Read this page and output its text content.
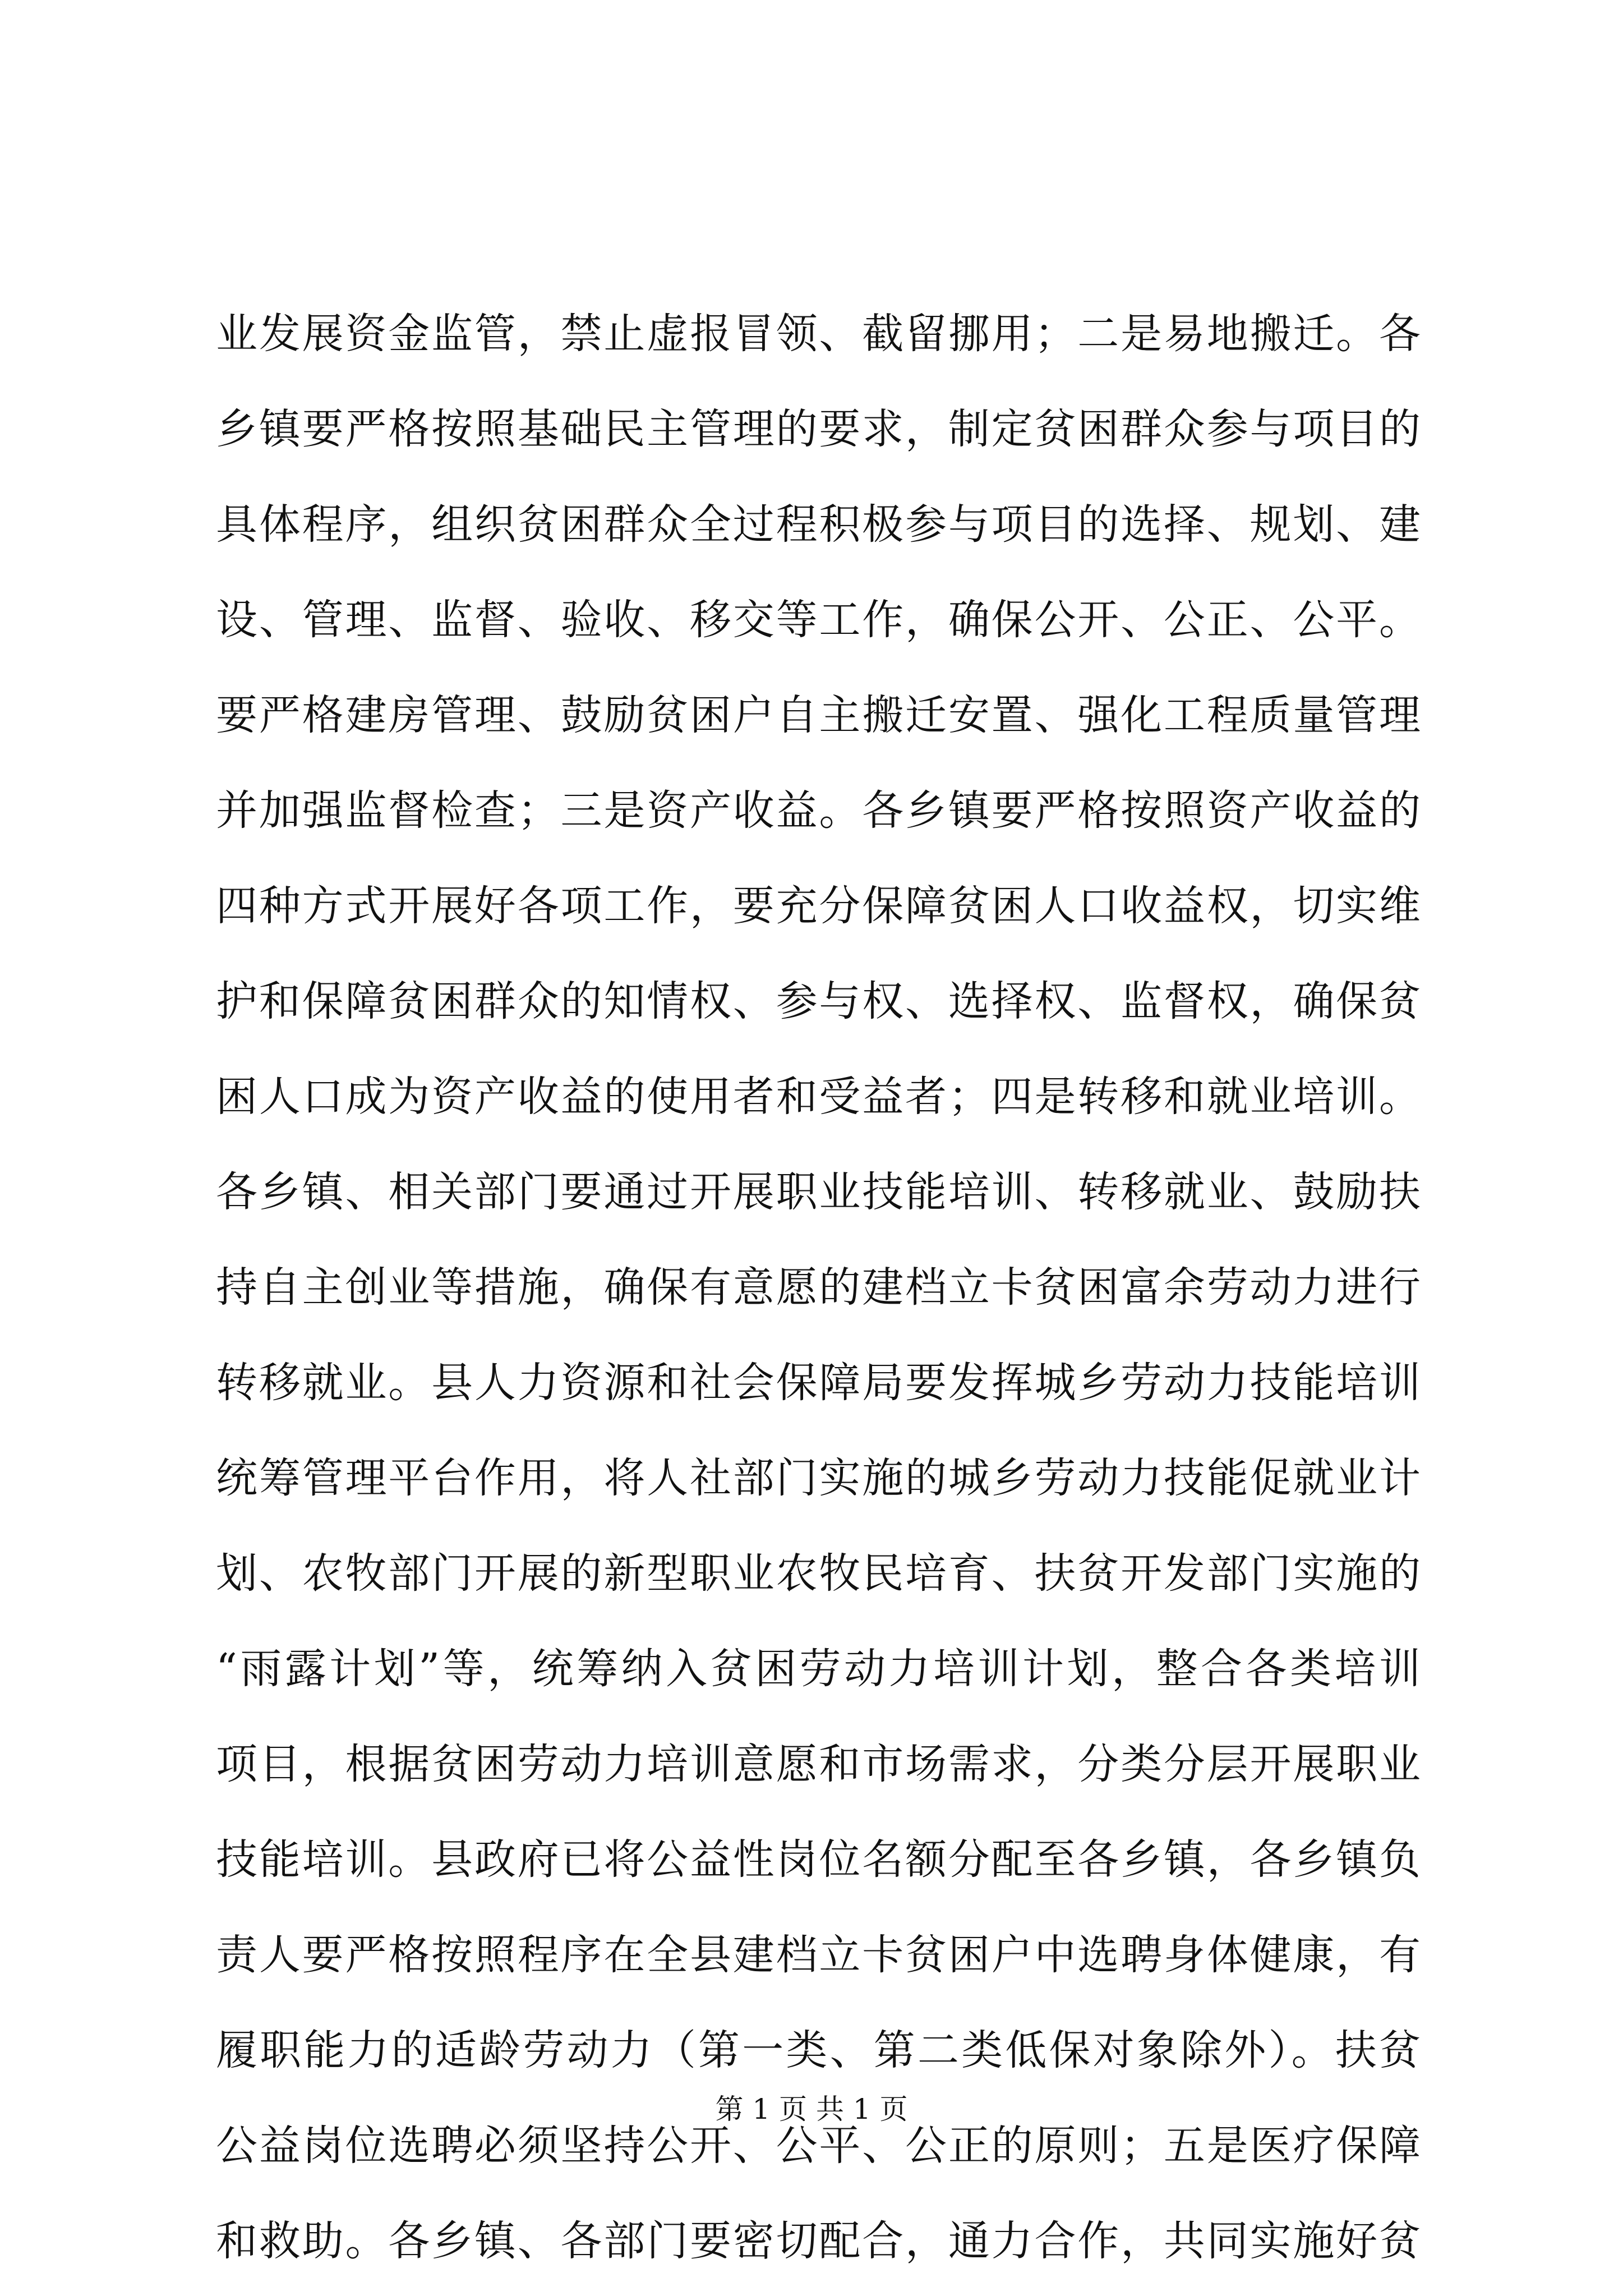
业发展资金监管，禁止虚报冒领、截留挪用；二是易地搬迁。各
乡镇要严格按照基础民主管理的要求，制定贫困群众参与项目的
具体程序，组织贫困群众全过程积极参与项目的选择、规划、建
设、管理、监督、验收、移交等工作，确保公开、公正、公平。
要严格建房管理、鼓励贫困户自主搬迁安置、强化工程质量管理
并加强监督检查；三是资产收益。各乡镇要严格按照资产收益的
四种方式开展好各项工作，要充分保障贫困人口收益权，切实维
护和保障贫困群众的知情权、参与权、选择权、监督权，确保贫
困人口成为资产收益的使用者和受益者；四是转移和就业培训。
各乡镇、相关部门要通过开展职业技能培训、转移就业、鼓励扶
持自主创业等措施，确保有意愿的建档立卡贫困富余劳动力进行
转移就业。县人力资源和社会保障局要发挥城乡劳动力技能培训
统筹管理平台作用，将人社部门实施的城乡劳动力技能促就业计
划、农牧部门开展的新型职业农牧民培育、扶贫开发部门实施的
“雨露计划”等，统筹纳入贫困劳动力培训计划，整合各类培训
项目，根据贫困劳动力培训意愿和市场需求，分类分层开展职业
技能培训。县政府已将公益性岗位名额分配至各乡镇，各乡镇负
责人要严格按照程序在全县建档立卡贫困户中选聘身体健康，有
履职能力的适龄劳动力（第一类、第二类低保对象除外）。扶贫
公益岗位选聘必须坚持公开、公平、公正的原则；五是医疗保障
和救助。各乡镇、各部门要密切配合，通力合作，共同实施好贫
第 1 页 共 1 页
